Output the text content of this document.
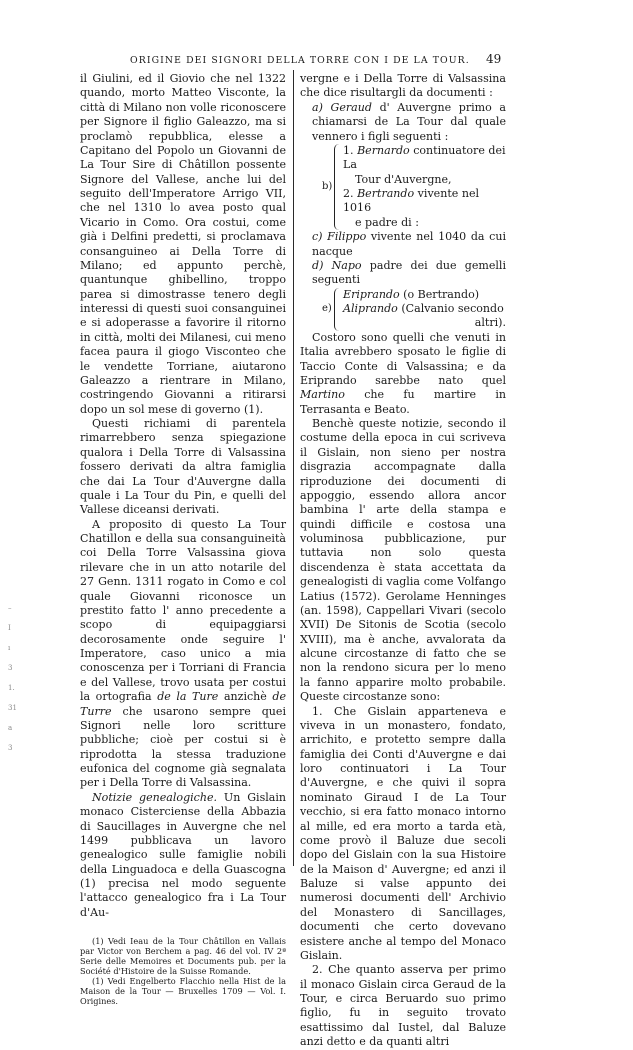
ORIGINE DEI SIGNORI DELLA TORRE CON I DE LA TOUR. 49
–
I
ı
3
1.
31
a
3
il Giulini, ed il Giovio che nel 1322 quando, morto Matteo Visconte, la città di Milano non volle riconoscere per Signore il figlio Galeazzo, ma si proclamò repubblica, elesse a Capitano del Popolo un Giovanni de La Tour Sire di Châtillon possente Signore del Vallese, anche lui del seguito dell'Imperatore Arrigo VII, che nel 1310 lo avea posto qual Vicario in Como. Ora costui, come già i Delfini predetti, si proclamava consanguineo ai Della Torre di Milano; ed appunto perchè, quantunque ghibellino, troppo parea si dimostrasse tenero degli interessi di questi suoi consanguinei e si adoperasse a favorire il ritorno in città, molti dei Milanesi, cui meno facea paura il giogo Visconteo che le vendette Torriane, aiutarono Galeazzo a rientrare in Milano, costringendo Giovanni a ritirarsi dopo un sol mese di governo (1).
Questi richiami di parentela rimarrebbero senza spiegazione qualora i Della Torre di Valsassina fossero derivati da altra famiglia che dai La Tour d'Auvergne dalla quale i La Tour du Pin, e quelli del Vallese diceansi derivati.
A proposito di questo La Tour Chatillon e della sua consanguineità coi Della Torre Valsassina giova rilevare che in un atto notarile del 27 Genn. 1311 rogato in Como e col quale Giovanni riconosce un prestito fatto l' anno precedente a scopo di equipaggiarsi decorosamente onde seguire l' Imperatore, caso unico a mia conoscenza per i Torriani di Francia e del Vallese, trovo usata per costui la ortografia de la Ture anzichè de Turre che usarono sempre quei Signori nelle loro scritture pubbliche; cioè per costui si è riprodotta la stessa traduzione eufonica del cognome già segnalata per i Della Torre di Valsassina.
Notizie genealogiche. Un Gislain monaco Cisterciense della Abbazia di Saucillages in Auvergne che nel 1499 pubblicava un lavoro genealogico sulle famiglie nobili della Linguadoca e della Guascogna (1) precisa nel modo seguente l'attacco genealogico fra i La Tour d'Au-
(1) Vedi Ieau de la Tour Châtillon en Vallais par Victor von Berchem a pag. 46 del vol. IV 2ª Serie delle Memoires et Documents pub. per la Société d'Histoire de la Suisse Romande.
(1) Vedi Engelberto Flacchio nella Hist de la Maison de la Tour — Bruxelles 1709 — Vol. I. Origines.
vergne e i Della Torre di Valsassina che dice risultargli da documenti :
a) Geraud d' Auvergne primo a chiamarsi de La Tour dal quale vennero i figli seguenti :
b)
1. Bernardo continuatore dei La
Tour d'Auvergne,
2. Bertrando vivente nel 1016
e padre di :
c) Filippo vivente nel 1040 da cui nacque
d) Napo padre dei due gemelli seguenti
e)
Eriprando (o Bertrando)
Aliprando (Calvanio secondo
altri).
Costoro sono quelli che venuti in Italia avrebbero sposato le figlie di Taccio Conte di Valsassina; e da Eriprando sarebbe nato quel Martino che fu martire in Terrasanta e Beato.
Benchè queste notizie, secondo il costume della epoca in cui scriveva il Gislain, non sieno per nostra disgrazia accompagnate dalla riproduzione dei documenti di appoggio, essendo allora ancor bambina l' arte della stampa e quindi difficile e costosa una voluminosa pubblicazione, pur tuttavia non solo questa discendenza è stata accettata da genealogisti di vaglia come Volfango Latius (1572). Gerolame Henninges (an. 1598), Cappellari Vivari (secolo XVII) De Sitonis de Scotia (secolo XVIII), ma è anche, avvalorata da alcune circostanze di fatto che se non la rendono sicura per lo meno la fanno apparire molto probabile. Queste circostanze sono:
1. Che Gislain apparteneva e viveva in un monastero, fondato, arrichito, e protetto sempre dalla famiglia dei Conti d'Auvergne e dai loro continuatori i La Tour d'Auvergne, e che quivi il sopra nominato Giraud I de La Tour vecchio, si era fatto monaco intorno al mille, ed era morto a tarda età, come provò il Baluze due secoli dopo del Gislain con la sua Histoire de la Maison d' Auvergne; ed anzi il Baluze si valse appunto dei numerosi documenti dell' Archivio del Monastero di Sancillages, documenti che certo dovevano esistere anche al tempo del Monaco Gislain.
2. Che quanto asserva per primo il monaco Gislain circa Geraud de la Tour, e circa Beruardo suo primo figlio, fu in seguito trovato esattissimo dal Iustel, dal Baluze anzi detto e da quanti altri
